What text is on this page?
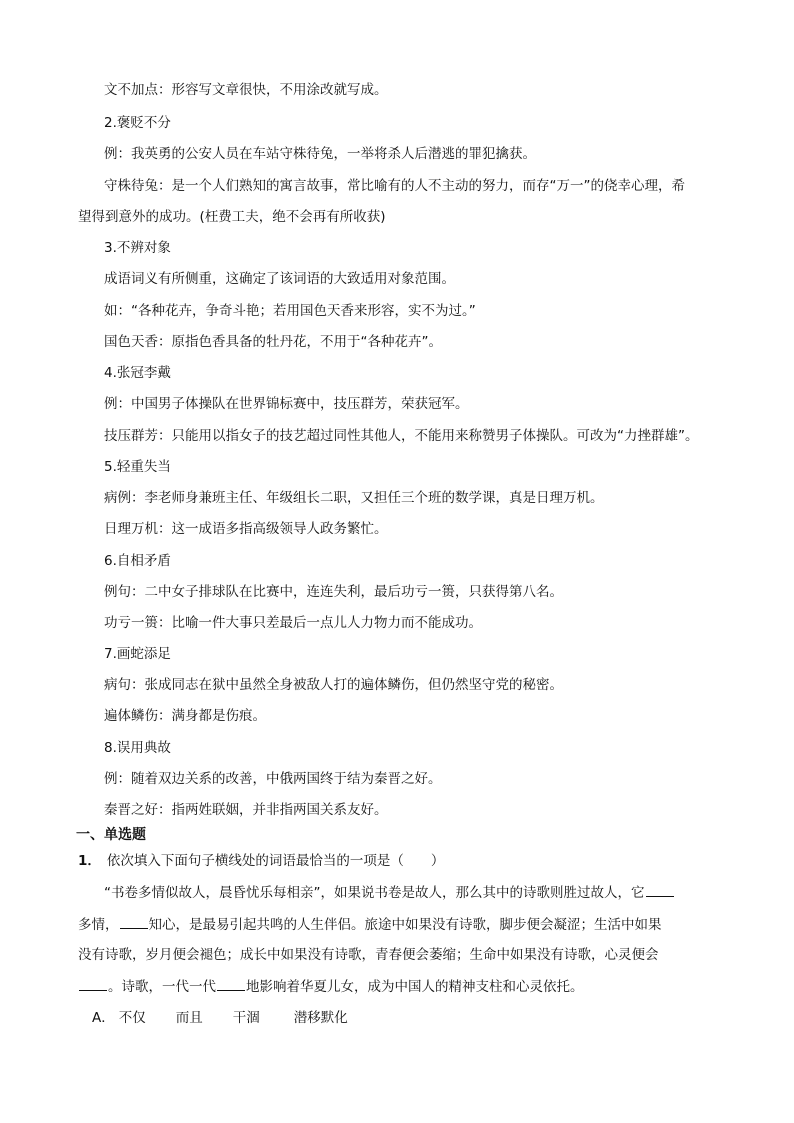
文不加点：形容写文章很快，不用涂改就写成。
2.褒贬不分
例：我英勇的公安人员在车站守株待兔，一举将杀人后潜逃的罪犯擒获。
守株待兔：是一个人们熟知的寓言故事，常比喻有的人不主动的努力，而存“万一”的侥幸心理，希
望得到意外的成功。(枉费工夫，绝不会再有所收获)
3.不辨对象
成语词义有所侧重，这确定了该词语的大致适用对象范围。
如：“各种花卉，争奇斗艳；若用国色天香来形容，实不为过。”
国色天香：原指色香具备的牡丹花，不用于“各种花卉”。
4.张冠李戴
例：中国男子体操队在世界锦标赛中，技压群芳，荣获冠军。
技压群芳：只能用以指女子的技艺超过同性其他人，不能用来称赞男子体操队。可改为“力挫群雄”。
5.轻重失当
病例：李老师身兼班主任、年级组长二职，又担任三个班的数学课，真是日理万机。
日理万机：这一成语多指高级领导人政务繁忙。
6.自相矛盾
例句：二中女子排球队在比赛中，连连失利，最后功亏一篑，只获得第八名。
功亏一篑：比喻一件大事只差最后一点儿人力物力而不能成功。
7.画蛇添足
病句：张成同志在狱中虽然全身被敌人打的遍体鳞伤，但仍然坚守党的秘密。
遍体鳞伤：满身都是伤痕。
8.误用典故
例：随着双边关系的改善，中俄两国终于结为秦晋之好。
秦晋之好：指两姓联姻，并非指两国关系友好。
一、单选题
1． 依次填入下面句子横线处的词语最恰当的一项是（　　）
“书卷多情似故人，晨昏忧乐每相亲”，如果说书卷是故人，那么其中的诗歌则胜过故人，它
多情， 知心，是最易引起共鸣的人生伴侣。旅途中如果没有诗歌，脚步便会凝涩；生活中如果
没有诗歌，岁月便会褪色；成长中如果没有诗歌，青春便会萎缩；生命中如果没有诗歌，心灵便会
。诗歌，一代一代 地影响着华夏儿女，成为中国人的精神支柱和心灵依托。
A． 不仅 而且 干涸	潜移默化
